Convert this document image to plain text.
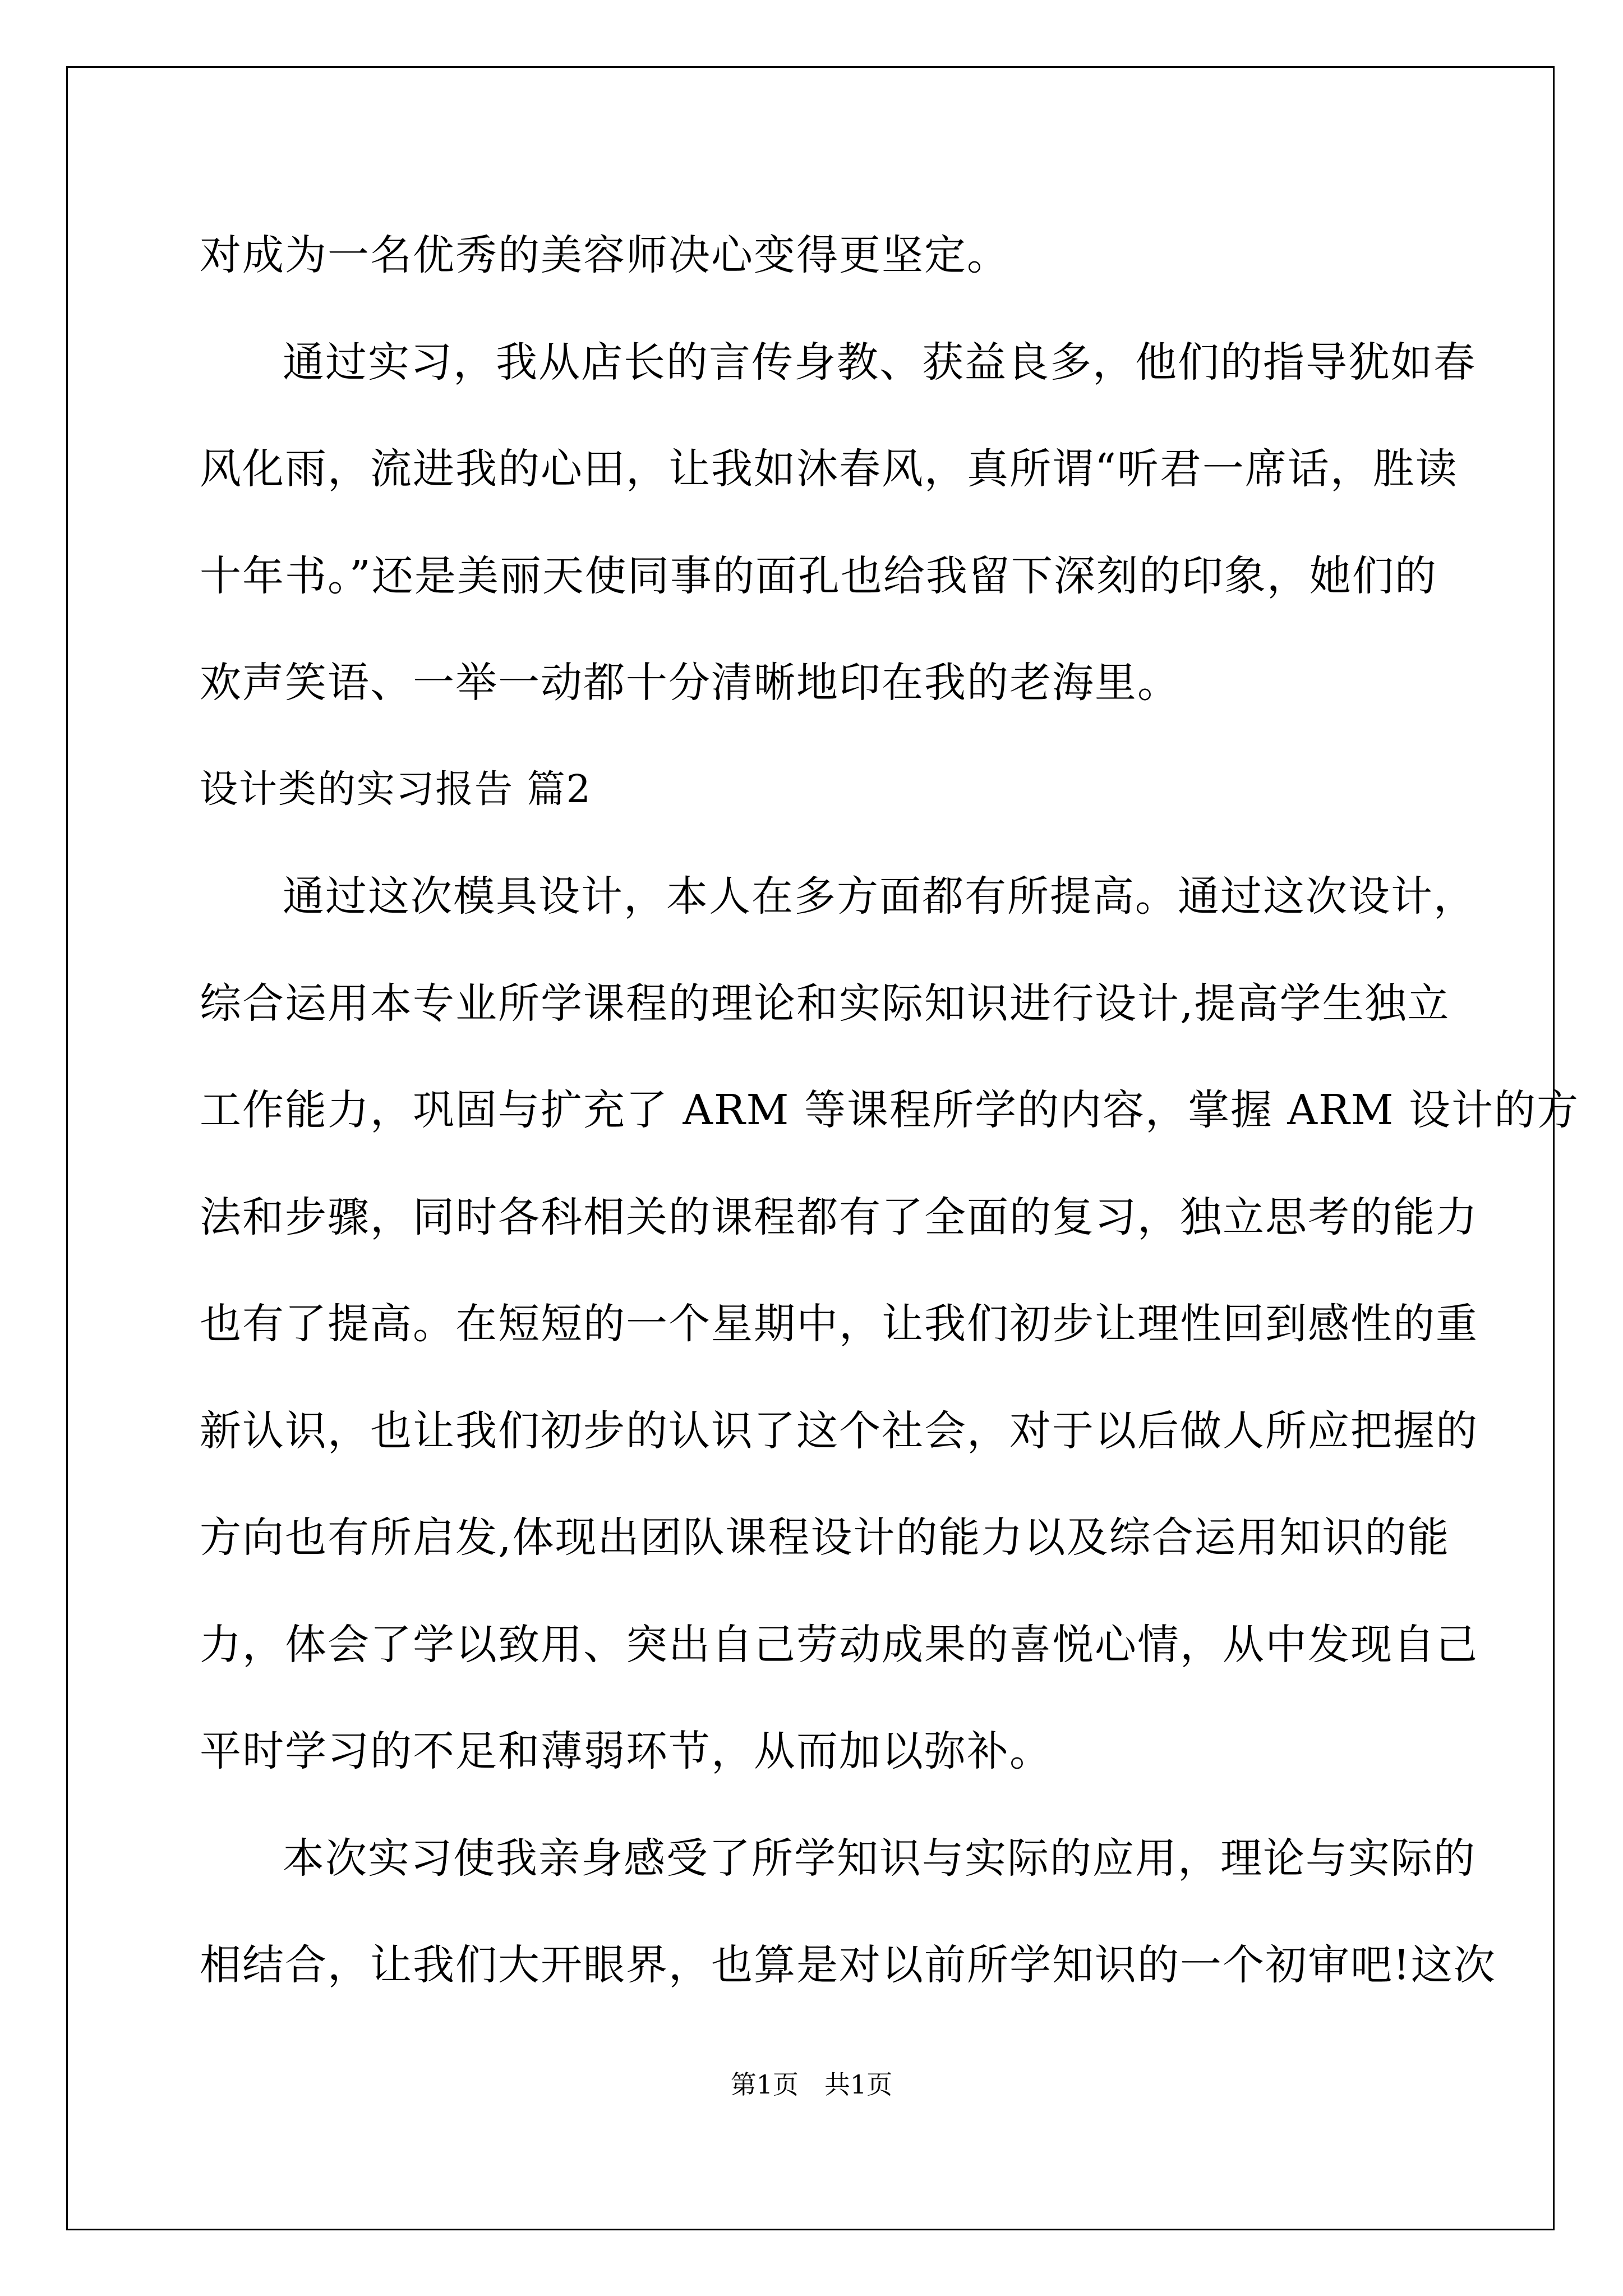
对成为一名优秀的美容师决心变得更坚定。
通过实习，我从店长的言传身教、获益良多，他们的指导犹如春
风化雨，流进我的心田，让我如沐春风，真所谓“听君一席话，胜读
十年书。”还是美丽天使同事的面孔也给我留下深刻的印象，她们的
欢声笑语、一举一动都十分清晰地印在我的老海里。
设计类的实习报告 篇2
通过这次模具设计，本人在多方面都有所提高。通过这次设计，
综合运用本专业所学课程的理论和实际知识进行设计,提高学生独立
工作能力，巩固与扩充了 ARM 等课程所学的内容，掌握 ARM 设计的方
法和步骤，同时各科相关的课程都有了全面的复习，独立思考的能力
也有了提高。在短短的一个星期中，让我们初步让理性回到感性的重
新认识，也让我们初步的认识了这个社会，对于以后做人所应把握的
方向也有所启发,体现出团队课程设计的能力以及综合运用知识的能
力，体会了学以致用、突出自己劳动成果的喜悦心情，从中发现自己
平时学习的不足和薄弱环节，从而加以弥补。
本次实习使我亲身感受了所学知识与实际的应用，理论与实际的
相结合，让我们大开眼界，也算是对以前所学知识的一个初审吧!这次
第1页　共1页
